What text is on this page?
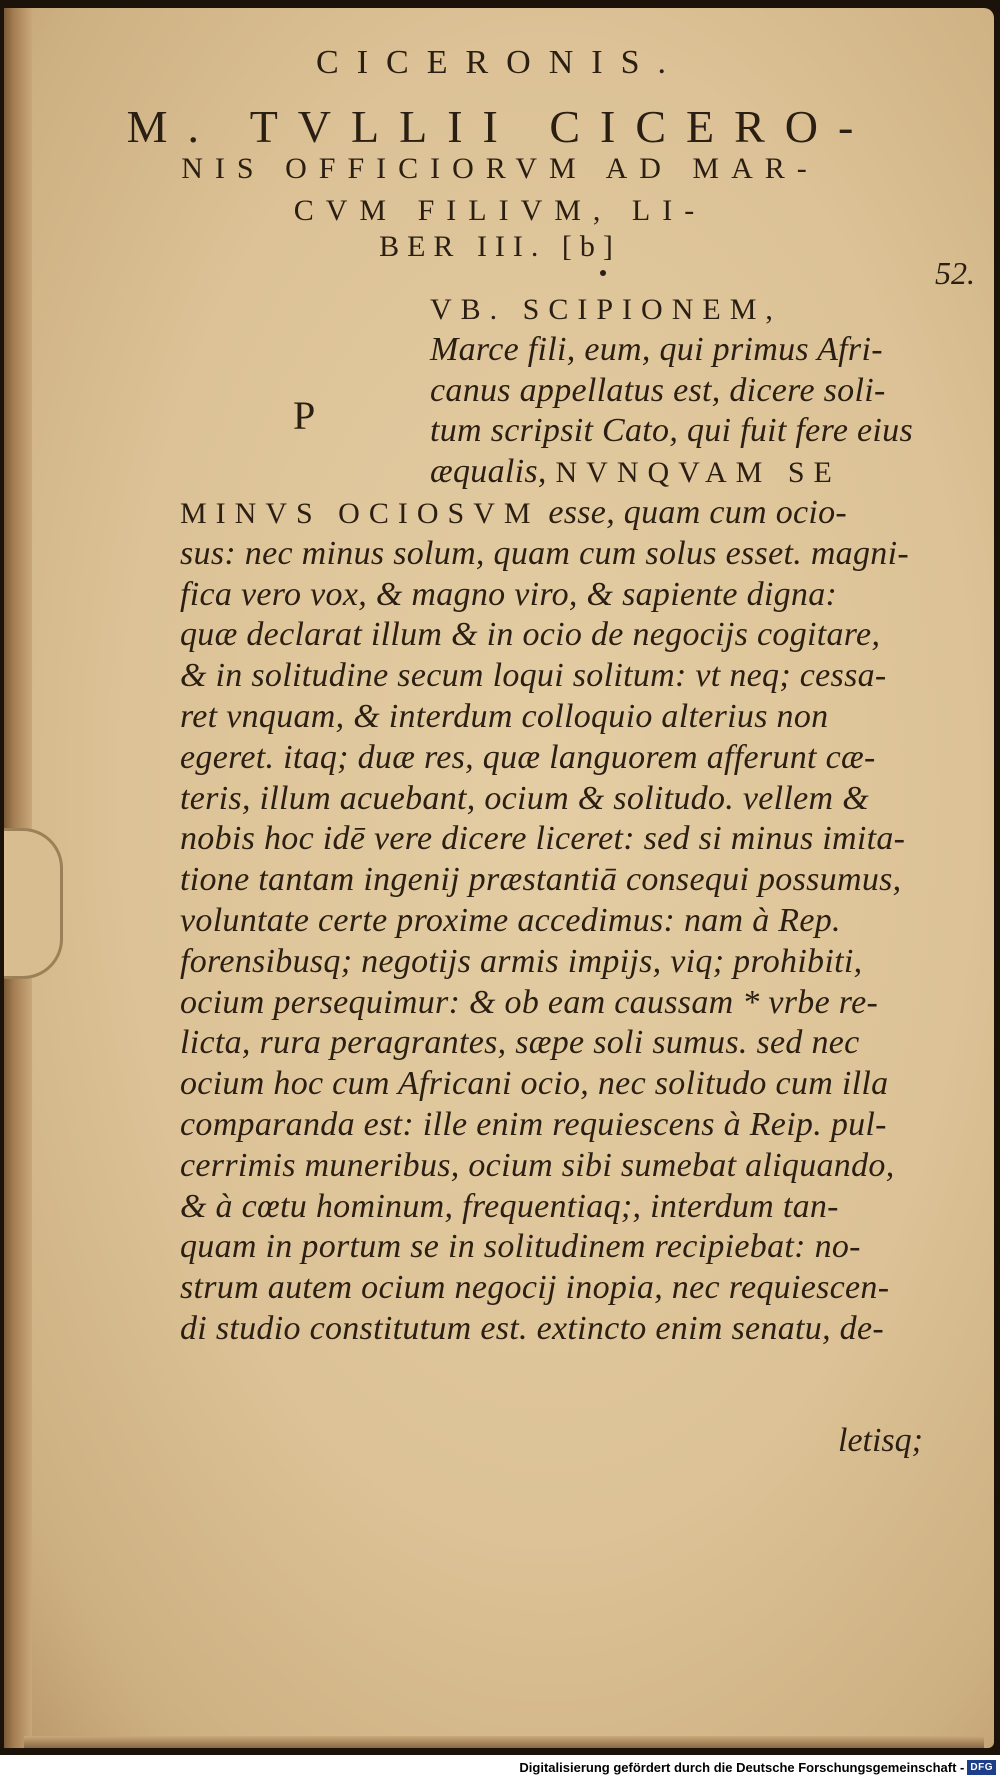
CICERONIS.
M. TVLLII CICERO-
NIS OFFICIORVM AD MAR-
CVM FILIVM, LI-
BER III. [b]
52.
P
VB. SCIPIONEM,
Marce fili, eum, qui primus Afri-
canus appellatus est, dicere soli-
tum scripsit Cato, qui fuit fere eius
æqualis, NVNQVAM SE
MINVS OCIOSVM esse, quam cum ocio-
sus: nec minus solum, quam cum solus esset. magni-
fica vero vox, & magno viro, & sapiente digna:
quæ declarat illum & in ocio de negocijs cogitare,
& in solitudine secum loqui solitum: vt neq; cessa-
ret vnquam, & interdum colloquio alterius non
egeret. itaq; duæ res, quæ languorem afferunt cæ-
teris, illum acuebant, ocium & solitudo. vellem &
nobis hoc idē vere dicere liceret: sed si minus imita-
tione tantam ingenij præstantiā consequi possumus,
voluntate certe proxime accedimus: nam à Rep.
forensibusq; negotijs armis impijs, viq; prohibiti,
ocium persequimur: & ob eam caussam * vrbe re-
licta, rura peragrantes, sæpe soli sumus. sed nec
ocium hoc cum Africani ocio, nec solitudo cum illa
comparanda est: ille enim requiescens à Reip. pul-
cerrimis muneribus, ocium sibi sumebat aliquando,
& à cœtu hominum, frequentiaq;, interdum tan-
quam in portum se in solitudinem recipiebat: no-
strum autem ocium negocij inopia, nec requiescen-
di studio constitutum est. extincto enim senatu, de-
letisq;
Digitalisierung gefördert durch die Deutsche Forschungsgemeinschaft - DFG
